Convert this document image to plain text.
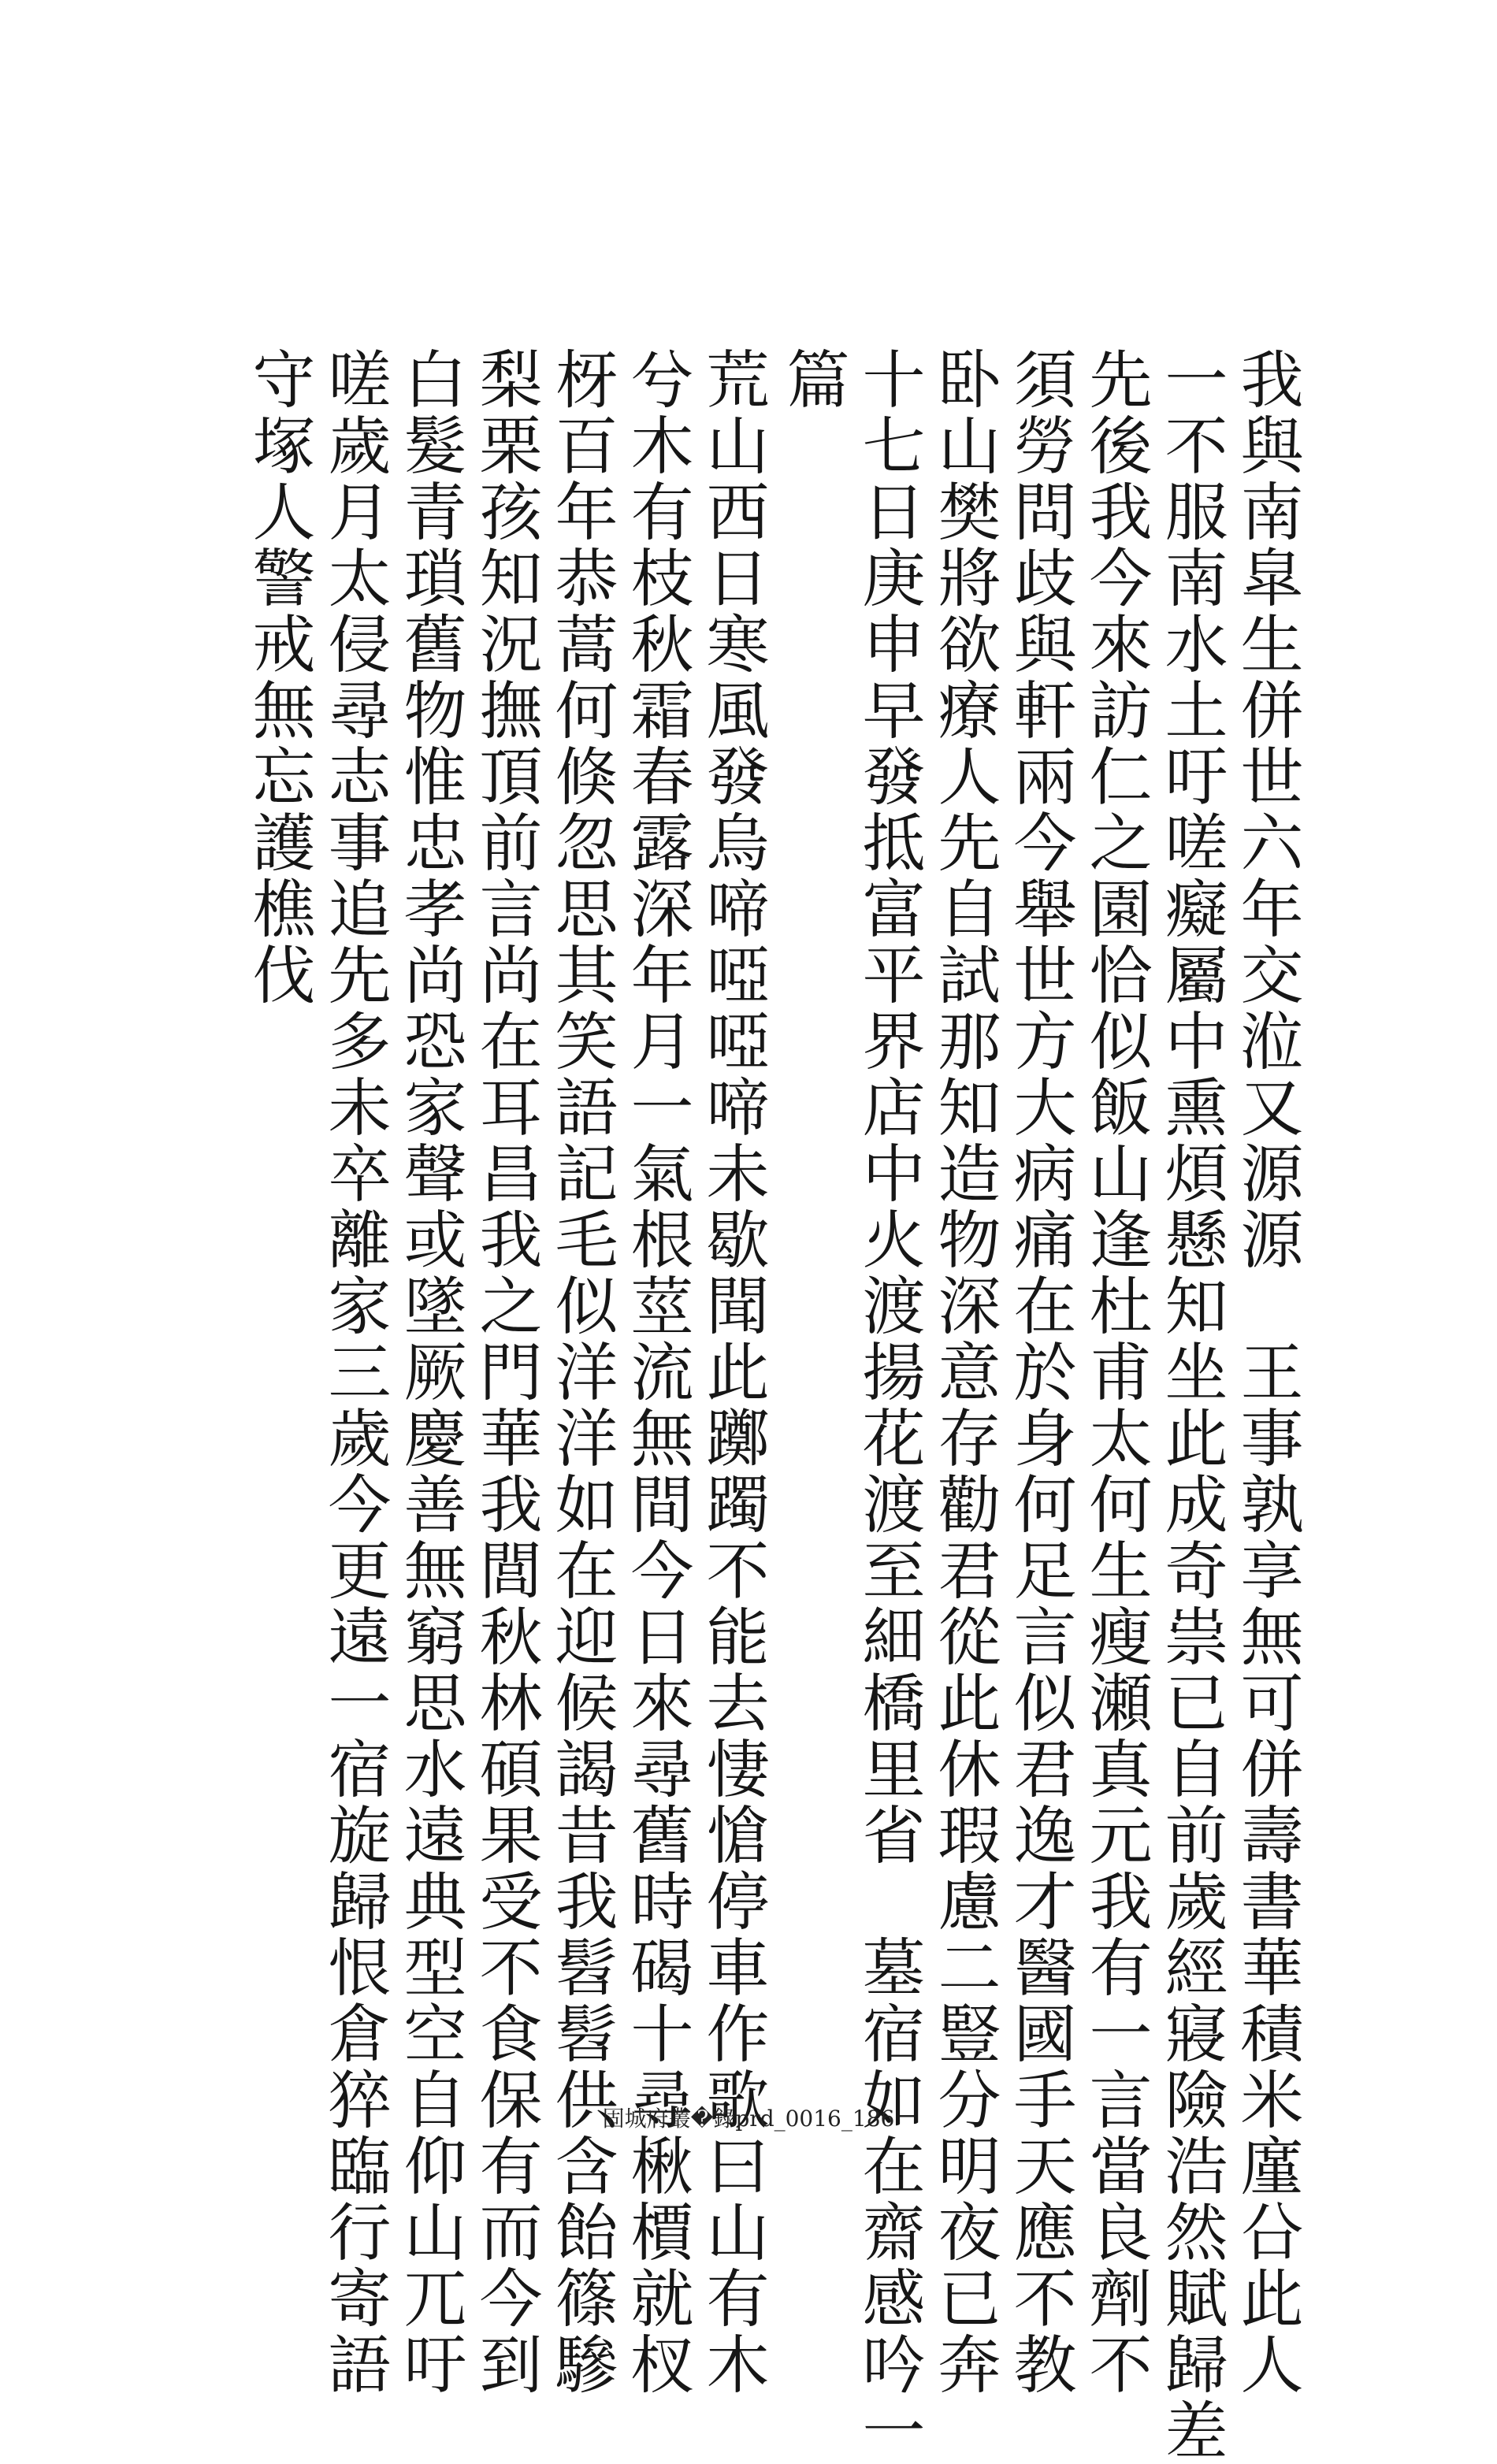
我與南皐生併世六年交涖又源源　王事孰享無可併壽書華積米廑㕣此人
一不服南水土吁嗟癡屬中熏煩懸知坐此成奇祟已自前歲經寢險浩然賦歸差
先後我今來訪仁之園恰似飯山逢杜甫太何生瘦瀬真元我有一言當良劑不
須勞問歧與軒兩今舉世方大病痛在於身何足言似君逸才醫國手天應不教
卧山樊將欲療人先自試那知造物深意存勸君從此休瑕慮二豎分明夜已奔
十七日庚申早發抵富平界店中火渡揚花渡至細橋里省　墓宿如在齋感吟一
篇
荒山西日寒風發烏啼啞啞啼未歇聞此躑躅不能去悽愴停車作歌曰山有木
兮木有枝秋霜春露深年月一氣根莖流無間今日來尋舊時碣十尋楸檟就杈
枒百年恭蒿何倏忽思其笑語記毛似洋洋如在迎候謁昔我髫髫供含飴篠驂
梨栗孩知況撫頂前言尚在耳昌我之門華我閭秋林碩果受不食保有而今到
白髮青瑣舊物惟忠孝尚恐家聲或墜厥慶善無窮思水遠典型空自仰山兀吁
嗟歲月太侵尋志事追先多未卒離家三歲今更遠一宿旋歸恨倉猝臨行寄語
守塚人警戒無忘護樵伐
固城府叢�錄prd_0016_186
